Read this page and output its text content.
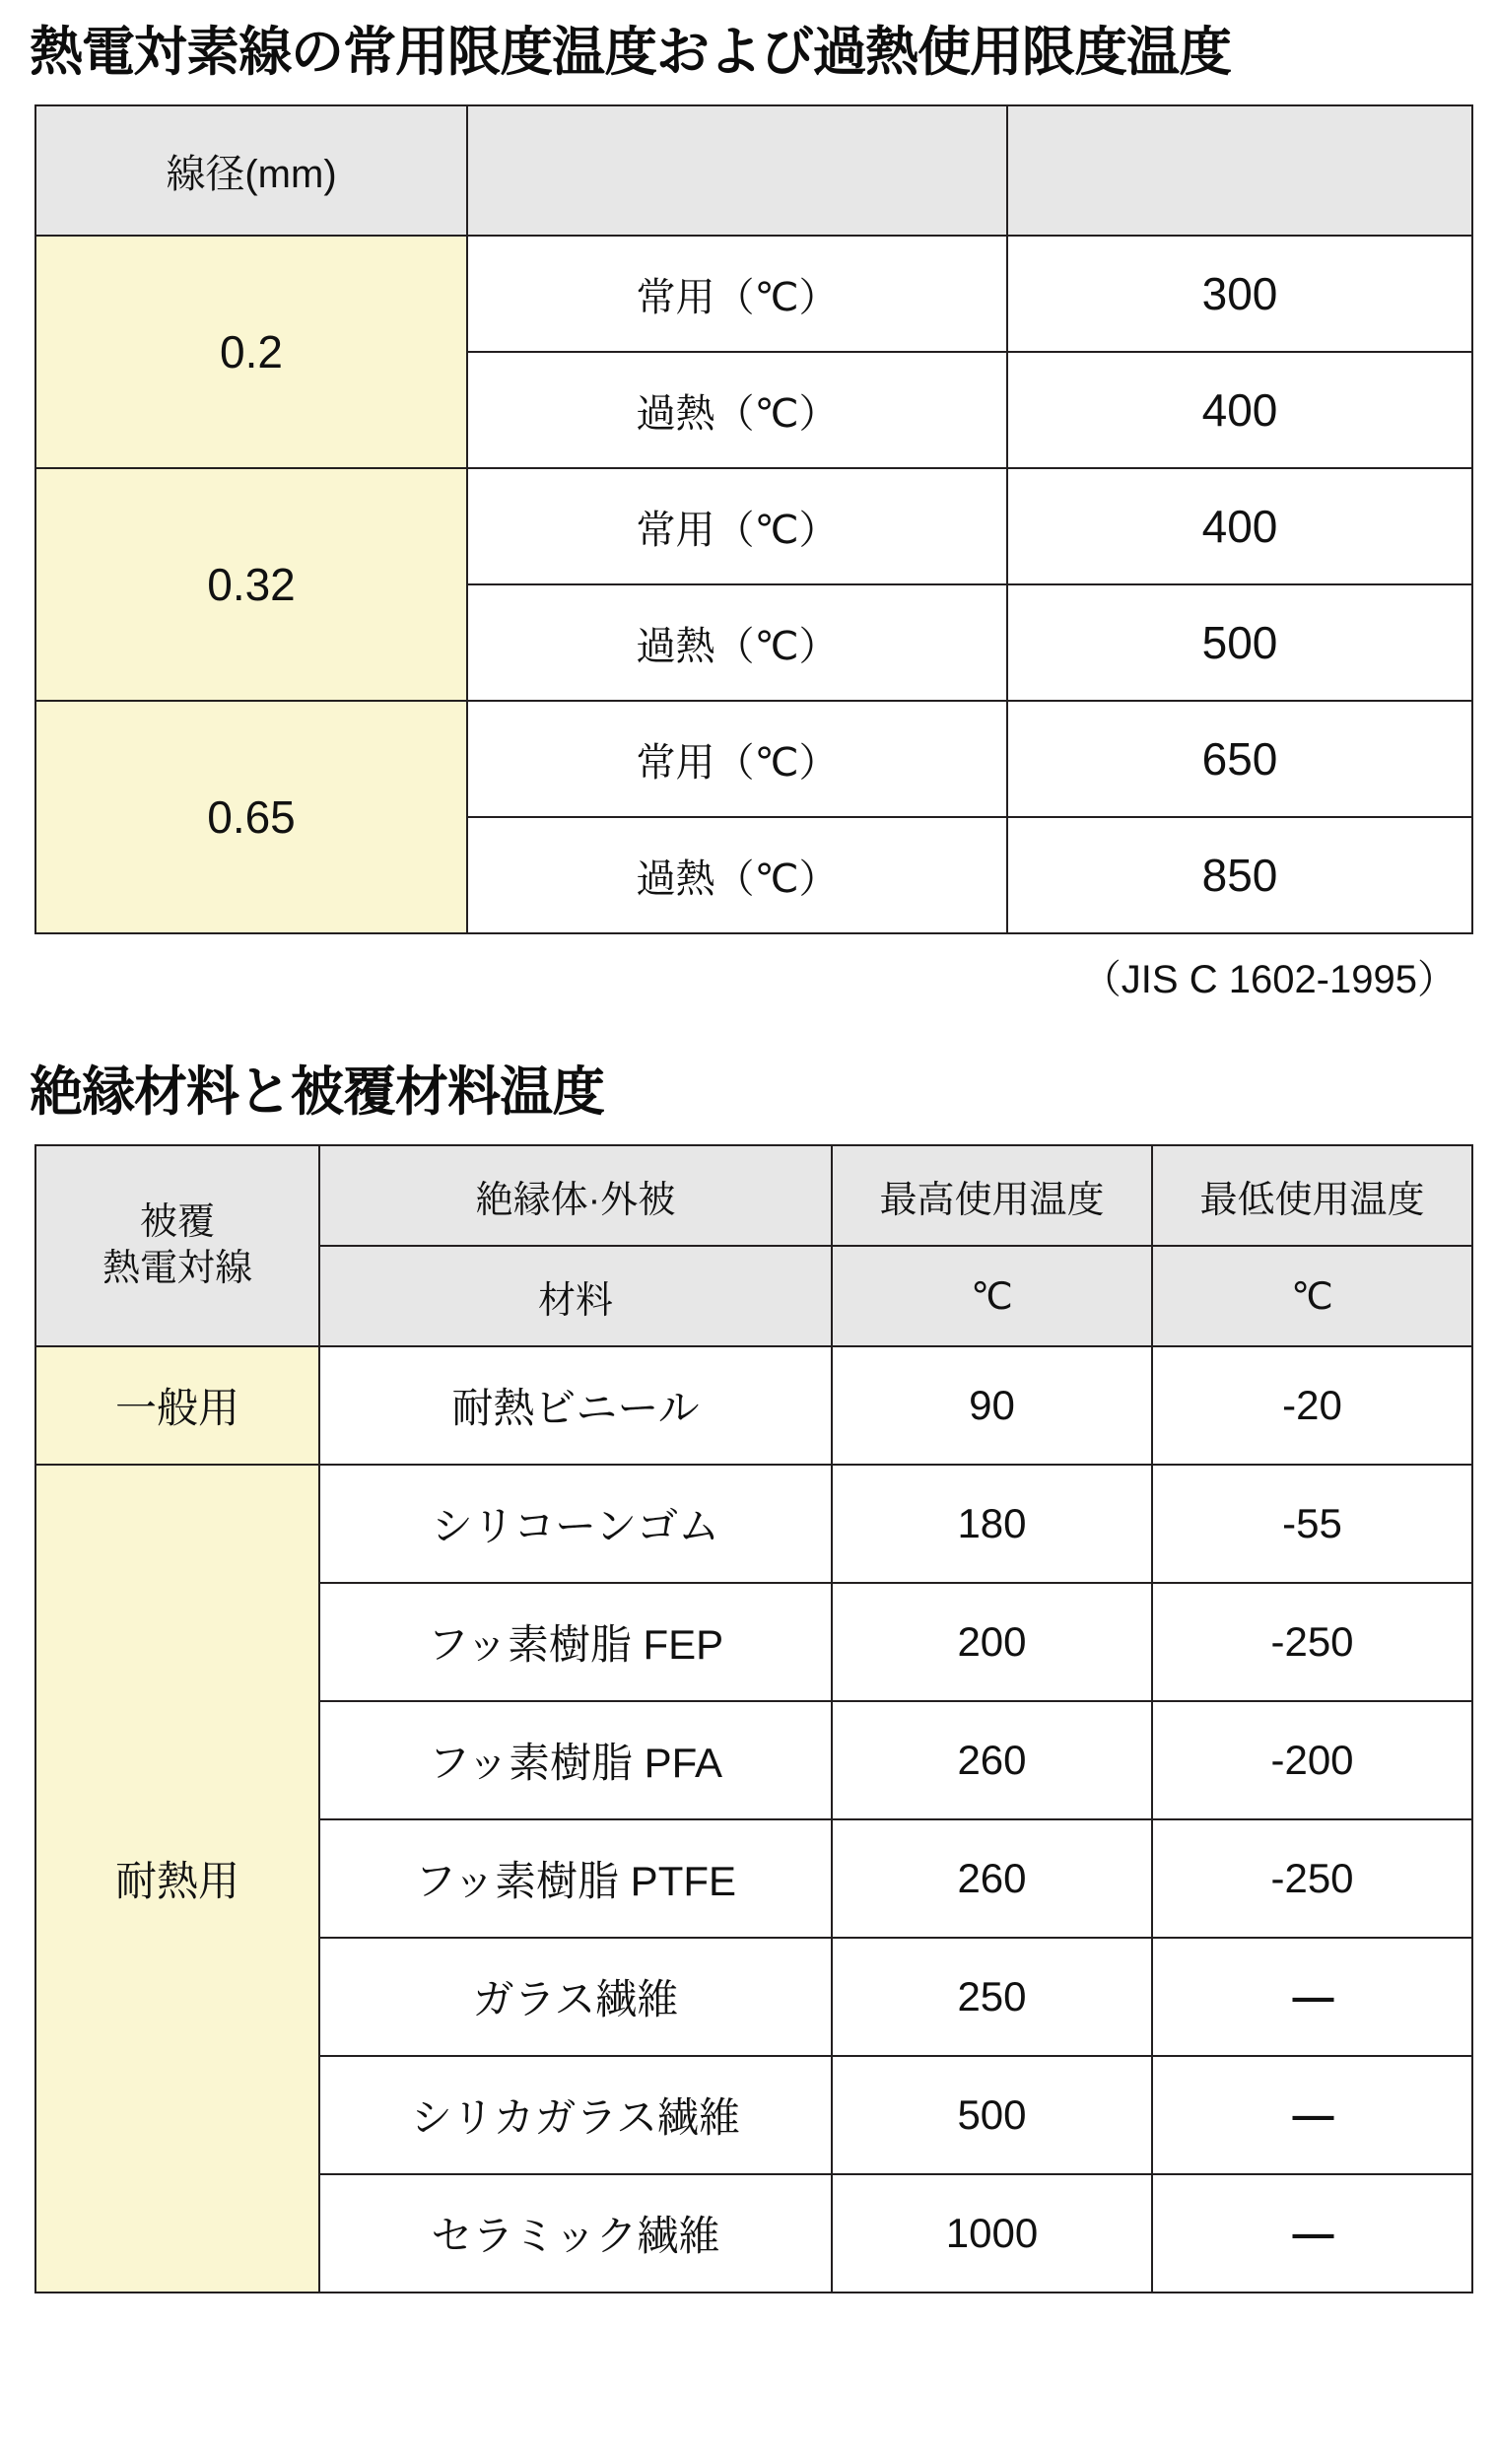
熱電対素線の常用限度温度および過熱使用限度温度
線径(mm)		
0.2	常用（℃）	300
	過熱（℃）	400
0.32	常用（℃）	400
	過熱（℃）	500
0.65	常用（℃）	650
	過熱（℃）	850
（JIS C 1602-1995）
絶縁材料と被覆材料温度
被覆
熱電対線	絶縁体·外被	最高使用温度	最低使用温度
	材料	℃	℃
一般用	耐熱ビニール	90	-20
耐熱用	シリコーンゴム	180	-55
	フッ素樹脂 FEP	200	-250
	フッ素樹脂 PFA	260	-200
	フッ素樹脂 PTFE	260	-250
	ガラス繊維	250	—
	シリカガラス繊維	500	—
	セラミック繊維	1000	—
